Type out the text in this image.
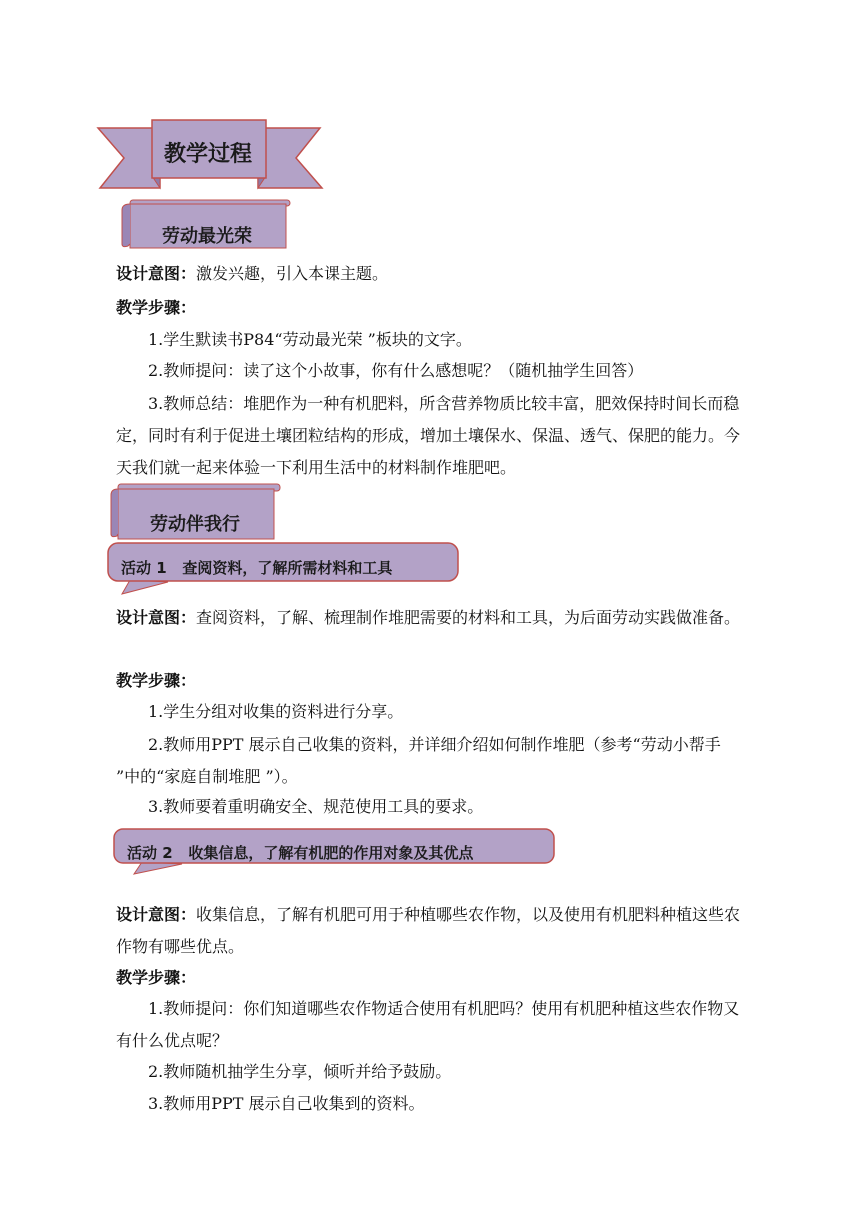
教学过程
劳动最光荣

设计意图：激发兴趣，引入本课主题。

教学步骤：

1.学生默读书P84“劳动最光荣 ”板块的文字。

2.教师提问：读了这个小故事，你有什么感想呢？（随机抽学生回答）

3.教师总结：堆肥作为一种有机肥料，所含营养物质比较丰富，肥效保持时间长而稳定，同时有利于促进土壤团粒结构的形成，增加土壤保水、保温、透气、保肥的能力。今天我们就一起来体验一下利用生活中的材料制作堆肥吧。

劳动伴我行
活动 1 查阅资料，了解所需材料和工具

设计意图：查阅资料，了解、梳理制作堆肥需要的材料和工具，为后面劳动实践做准备。

教学步骤：

1.学生分组对收集的资料进行分享。

2.教师用PPT 展示自己收集的资料，并详细介绍如何制作堆肥（参考“劳动小帮手 ”中的“家庭自制堆肥 ”）。

3.教师要着重明确安全、规范使用工具的要求。

活动 2 收集信息，了解有机肥的作用对象及其优点

设计意图：收集信息，了解有机肥可用于种植哪些农作物，以及使用有机肥料种植这些农作物有哪些优点。

教学步骤：

1.教师提问：你们知道哪些农作物适合使用有机肥吗？使用有机肥种植这些农作物又有什么优点呢？

2.教师随机抽学生分享，倾听并给予鼓励。

3.教师用PPT 展示自己收集到的资料。
